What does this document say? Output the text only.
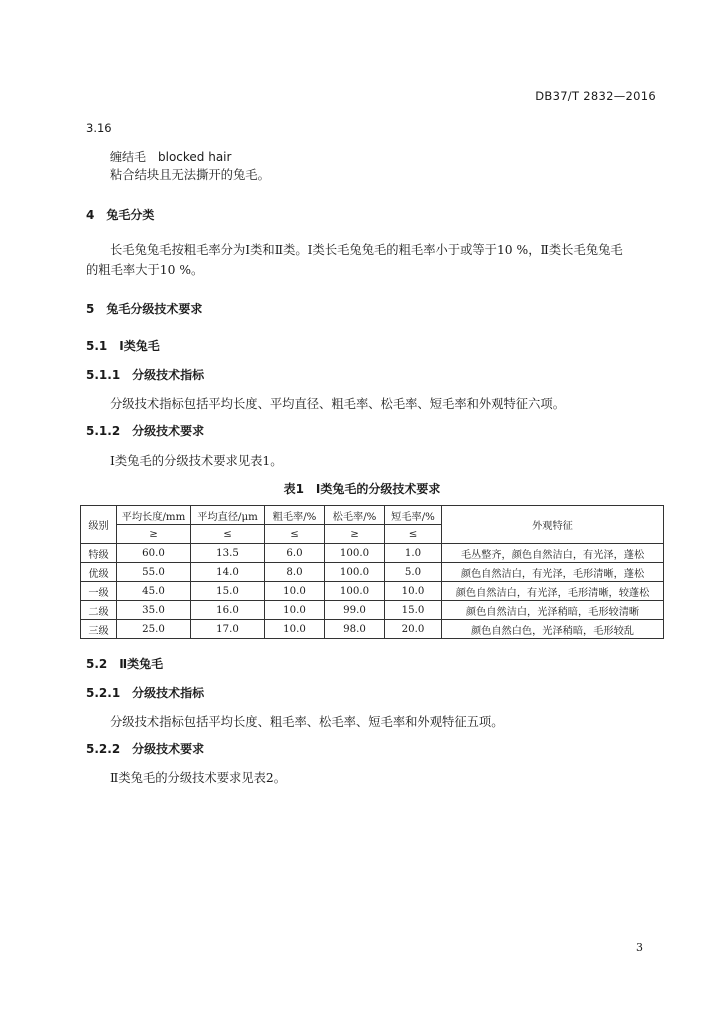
DB37/T 2832—2016
3.16
缠结毛　blocked hair
粘合结块且无法撕开的兔毛。
4　兔毛分类
长毛兔兔毛按粗毛率分为Ⅰ类和Ⅱ类。Ⅰ类长毛兔兔毛的粗毛率小于或等于10 %，Ⅱ类长毛兔兔毛
的粗毛率大于10 %。
5　兔毛分级技术要求
5.1　Ⅰ类兔毛
5.1.1　分级技术指标
分级技术指标包括平均长度、平均直径、粗毛率、松毛率、短毛率和外观特征六项。
5.1.2　分级技术要求
Ⅰ类兔毛的分级技术要求见表1。
表1　Ⅰ类兔毛的分级技术要求
级别	平均长度/mm	平均直径/μm	粗毛率/%	松毛率/%	短毛率/%	外观特征
	≥	≤	≤	≥	≤	
特级	60.0	13.5	6.0	100.0	1.0	毛丛整齐，颜色自然洁白，有光泽，蓬松
优级	55.0	14.0	8.0	100.0	5.0	颜色自然洁白，有光泽，毛形清晰，蓬松
一级	45.0	15.0	10.0	100.0	10.0	颜色自然洁白，有光泽，毛形清晰，较蓬松
二级	35.0	16.0	10.0	99.0	15.0	颜色自然洁白，光泽稍暗，毛形较清晰
三级	25.0	17.0	10.0	98.0	20.0	颜色自然白色，光泽稍暗，毛形较乱
5.2　Ⅱ类兔毛
5.2.1　分级技术指标
分级技术指标包括平均长度、粗毛率、松毛率、短毛率和外观特征五项。
5.2.2　分级技术要求
Ⅱ类兔毛的分级技术要求见表2。
3
